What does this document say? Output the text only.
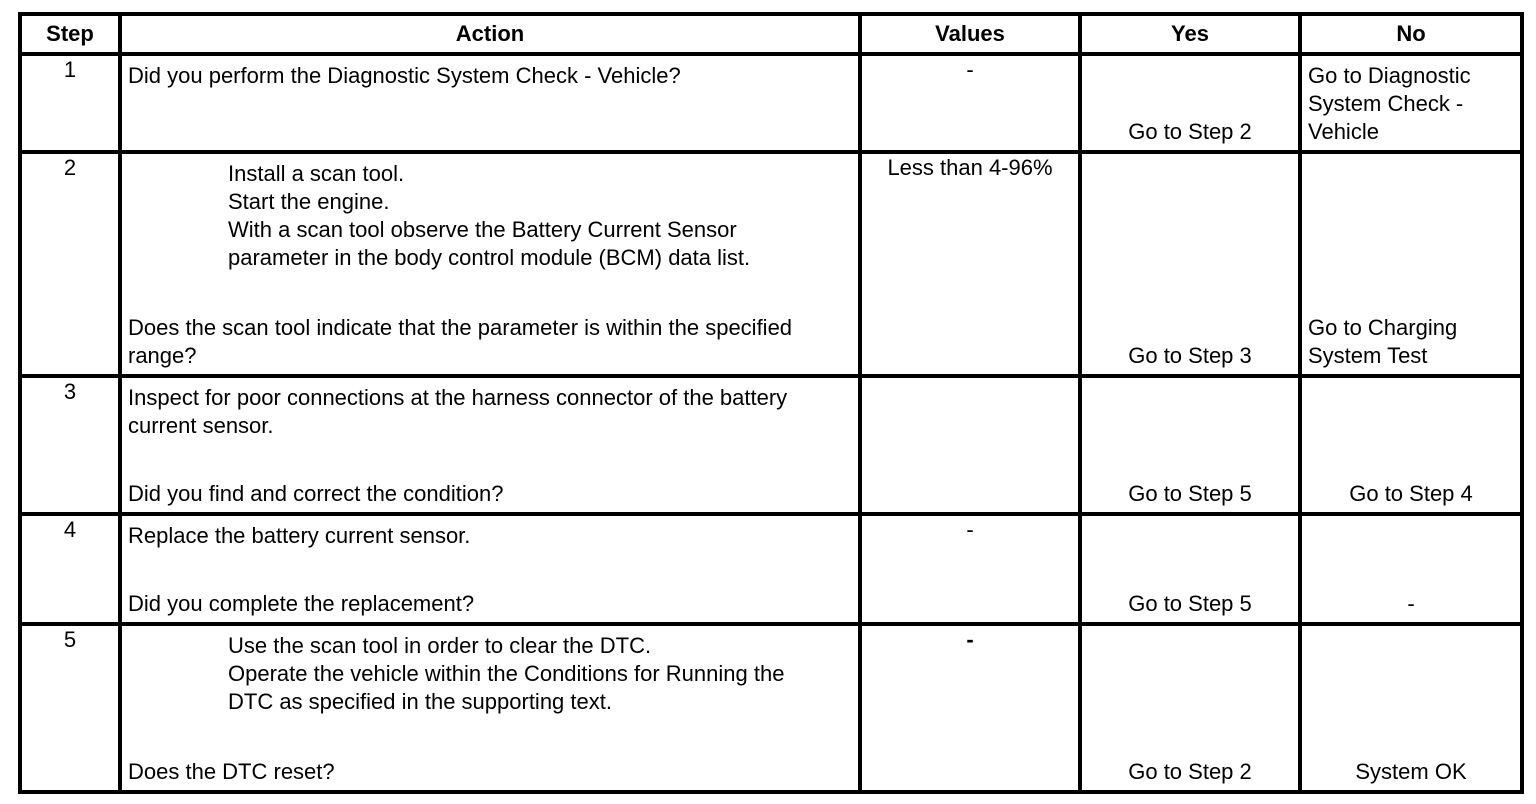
Step	Action	Values	Yes	No
1	Did you perform the Diagnostic System Check - Vehicle?	-	Go to Step 2	Go to Diagnostic System Check - Vehicle

2	Install a scan tool.

Start the engine.

With a scan tool observe the Battery Current Sensor parameter in the body control module (BCM) data list.

Does the scan tool indicate that the parameter is within the specified range?	Less than 4-96%	Go to Step 3	Go to Charging System Test

3	Inspect for poor connections at the harness connector of the battery current sensor.

Did you find and correct the condition?		Go to Step 5	Go to Step 4

4	Replace the battery current sensor.

Did you complete the replacement?	-	Go to Step 5	-

5	Use the scan tool in order to clear the DTC.

Operate the vehicle within the Conditions for Running the DTC as specified in the supporting text.

Does the DTC reset?	-	Go to Step 2	System OK
